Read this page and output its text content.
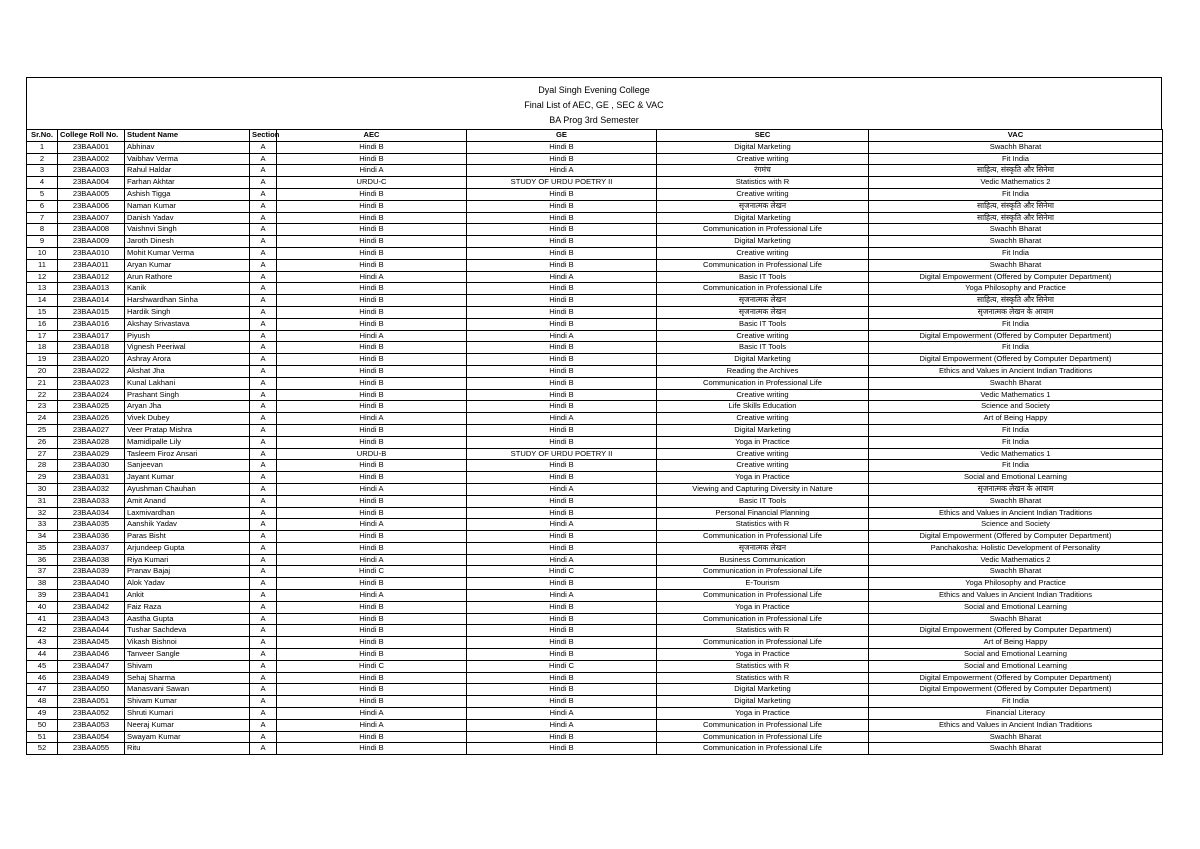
Dyal Singh Evening College
Final List of AEC, GE , SEC & VAC
BA Prog 3rd Semester
Sr.No.	College Roll No.	Student Name	Section	AEC	GE	SEC	VAC
1	23BAA001	Abhinav	A	Hindi B	Hindi B	Digital Marketing	Swachh Bharat
2	23BAA002	Vaibhav Verma	A	Hindi B	Hindi B	Creative writing	Fit India
3	23BAA003	Rahul Haldar	A	Hindi A	Hindi A	रंगमंच	साहित्य, संस्कृति और सिनेमा
4	23BAA004	Farhan Akhtar	A	URDU-C	STUDY OF URDU POETRY II	Statistics with R	Vedic Mathematics 2
5	23BAA005	Ashish Tigga	A	Hindi B	Hindi B	Creative writing	Fit India
6	23BAA006	Naman Kumar	A	Hindi B	Hindi B	सृजनात्मक लेखन	साहित्य, संस्कृति और सिनेमा
7	23BAA007	Danish Yadav	A	Hindi B	Hindi B	Digital Marketing	साहित्य, संस्कृति और सिनेमा
8	23BAA008	Vaishnvi Singh	A	Hindi B	Hindi B	Communication in Professional Life	Swachh Bharat
9	23BAA009	Jaroth Dinesh	A	Hindi B	Hindi B	Digital Marketing	Swachh Bharat
10	23BAA010	Mohit Kumar Verma	A	Hindi B	Hindi B	Creative writing	Fit India
11	23BAA011	Aryan Kumar	A	Hindi B	Hindi B	Communication in Professional Life	Swachh Bharat
12	23BAA012	Arun Rathore	A	Hindi A	Hindi A	Basic IT Tools	Digital Empowerment (Offered by Computer Department)
13	23BAA013	Kanik	A	Hindi B	Hindi B	Communication in Professional Life	Yoga Philosophy and Practice
14	23BAA014	Harshwardhan Sinha	A	Hindi B	Hindi B	सृजनात्मक लेखन	साहित्य, संस्कृति और सिनेमा
15	23BAA015	Hardik Singh	A	Hindi B	Hindi B	सृजनात्मक लेखन	सृजनात्मक लेखन के आयाम
16	23BAA016	Akshay Srivastava	A	Hindi B	Hindi B	Basic IT Tools	Fit India
17	23BAA017	Piyush	A	Hindi A	Hindi A	Creative writing	Digital Empowerment (Offered by Computer Department)
18	23BAA018	Vignesh Peeriwal	A	Hindi B	Hindi B	Basic IT Tools	Fit India
19	23BAA020	Ashray Arora	A	Hindi B	Hindi B	Digital Marketing	Digital Empowerment (Offered by Computer Department)
20	23BAA022	Akshat Jha	A	Hindi B	Hindi B	Reading the Archives	Ethics and Values in Ancient Indian Traditions
21	23BAA023	Kunal Lakhani	A	Hindi B	Hindi B	Communication in Professional Life	Swachh Bharat
22	23BAA024	Prashant Singh	A	Hindi B	Hindi B	Creative writing	Vedic Mathematics 1
23	23BAA025	Aryan Jha	A	Hindi B	Hindi B	Life Skills Education	Science and Society
24	23BAA026	Vivek Dubey	A	Hindi A	Hindi A	Creative writing	Art of Being Happy
25	23BAA027	Veer Pratap Mishra	A	Hindi B	Hindi B	Digital Marketing	Fit India
26	23BAA028	Mamidipalle Lily	A	Hindi B	Hindi B	Yoga in Practice	Fit India
27	23BAA029	Tasleem Firoz Ansari	A	URDU-B	STUDY OF URDU POETRY II	Creative writing	Vedic Mathematics 1
28	23BAA030	Sanjeevan	A	Hindi B	Hindi B	Creative writing	Fit India
29	23BAA031	Jayant Kumar	A	Hindi B	Hindi B	Yoga in Practice	Social and Emotional Learning
30	23BAA032	Ayushman Chauhan	A	Hindi A	Hindi A	Viewing and Capturing Diversity in Nature	सृजनात्मक लेखन के आयाम
31	23BAA033	Amit Anand	A	Hindi B	Hindi B	Basic IT Tools	Swachh Bharat
32	23BAA034	Laxmivardhan	A	Hindi B	Hindi B	Personal Financial Planning	Ethics and Values in Ancient Indian Traditions
33	23BAA035	Aanshik Yadav	A	Hindi A	Hindi A	Statistics with R	Science and Society
34	23BAA036	Paras Bisht	A	Hindi B	Hindi B	Communication in Professional Life	Digital Empowerment (Offered by Computer Department)
35	23BAA037	Arjundeep Gupta	A	Hindi B	Hindi B	सृजनात्मक लेखन	Panchakosha: Holistic Development of Personality
36	23BAA038	Riya Kumari	A	Hindi A	Hindi A	Business Communication	Vedic Mathematics 2
37	23BAA039	Pranav Bajaj	A	Hindi C	Hindi C	Communication in Professional Life	Swachh Bharat
38	23BAA040	Alok Yadav	A	Hindi B	Hindi B	E-Tourism	Yoga Philosophy and Practice
39	23BAA041	Ankit	A	Hindi A	Hindi A	Communication in Professional Life	Ethics and Values in Ancient Indian Traditions
40	23BAA042	Faiz Raza	A	Hindi B	Hindi B	Yoga in Practice	Social and Emotional Learning
41	23BAA043	Aastha Gupta	A	Hindi B	Hindi B	Communication in Professional Life	Swachh Bharat
42	23BAA044	Tushar Sachdeva	A	Hindi B	Hindi B	Statistics with R	Digital Empowerment (Offered by Computer Department)
43	23BAA045	Vikash Bishnoi	A	Hindi B	Hindi B	Communication in Professional Life	Art of Being Happy
44	23BAA046	Tanveer Sangle	A	Hindi B	Hindi B	Yoga in Practice	Social and Emotional Learning
45	23BAA047	Shivam	A	Hindi C	Hindi C	Statistics with R	Social and Emotional Learning
46	23BAA049	Sehaj Sharma	A	Hindi B	Hindi B	Statistics with R	Digital Empowerment (Offered by Computer Department)
47	23BAA050	Manasvani Sawan	A	Hindi B	Hindi B	Digital Marketing	Digital Empowerment (Offered by Computer Department)
48	23BAA051	Shivam Kumar	A	Hindi B	Hindi B	Digital Marketing	Fit India
49	23BAA052	Shruti Kumari	A	Hindi A	Hindi A	Yoga in Practice	Financial Literacy
50	23BAA053	Neeraj Kumar	A	Hindi A	Hindi A	Communication in Professional Life	Ethics and Values in Ancient Indian Traditions
51	23BAA054	Swayam Kumar	A	Hindi B	Hindi B	Communication in Professional Life	Swachh Bharat
52	23BAA055	Ritu	A	Hindi B	Hindi B	Communication in Professional Life	Swachh Bharat
